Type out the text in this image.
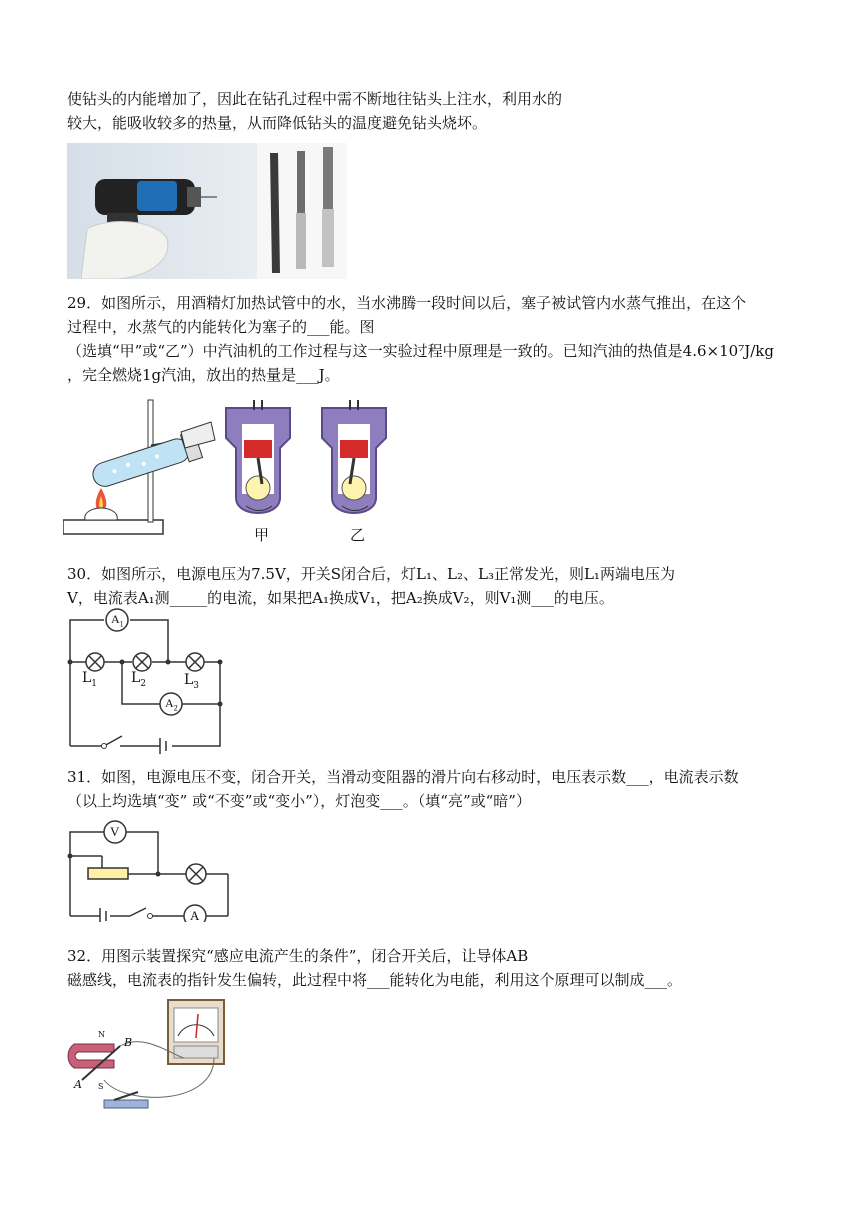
使钻头的内能增加了，因此在钻孔过程中需不断地往钻头上注水，利用水的
较大，能吸收较多的热量，从而降低钻头的温度避免钻头烧坏。
29．如图所示，用酒精灯加热试管中的水，当水沸腾一段时间以后，塞子被试管内水蒸气推出，在这个
过程中，水蒸气的内能转化为塞子的___能。图
（选填“甲”或“乙”）中汽油机的工作过程与这一实验过程中原理是一致的。已知汽油的热值是4.6×10⁷J/kg
，完全燃烧1g汽油，放出的热量是___J。
甲	乙
30．如图所示，电源电压为7.5V，开关S闭合后，灯L₁、L₂、L₃正常发光，则L₁两端电压为
V，电流表A₁测_____的电流，如果把A₁换成V₁，把A₂换成V₂，则V₁测___的电压。
$A_1$
$A_2$
$L_1$ $L_2$	$L_3$
31．如图，电源电压不变，闭合开关，当滑动变阻器的滑片向右移动时，电压表示数___，电流表示数
（以上均选填“变” 或“不变”或“变小”），灯泡变___。（填“亮”或“暗”）
V
A
32．用图示装置探究“感应电流产生的条件”，闭合开关后，让导体AB
磁感线，电流表的指针发生偏转，此过程中将___能转化为电能，利用这个原理可以制成___。
N
S
A
B
